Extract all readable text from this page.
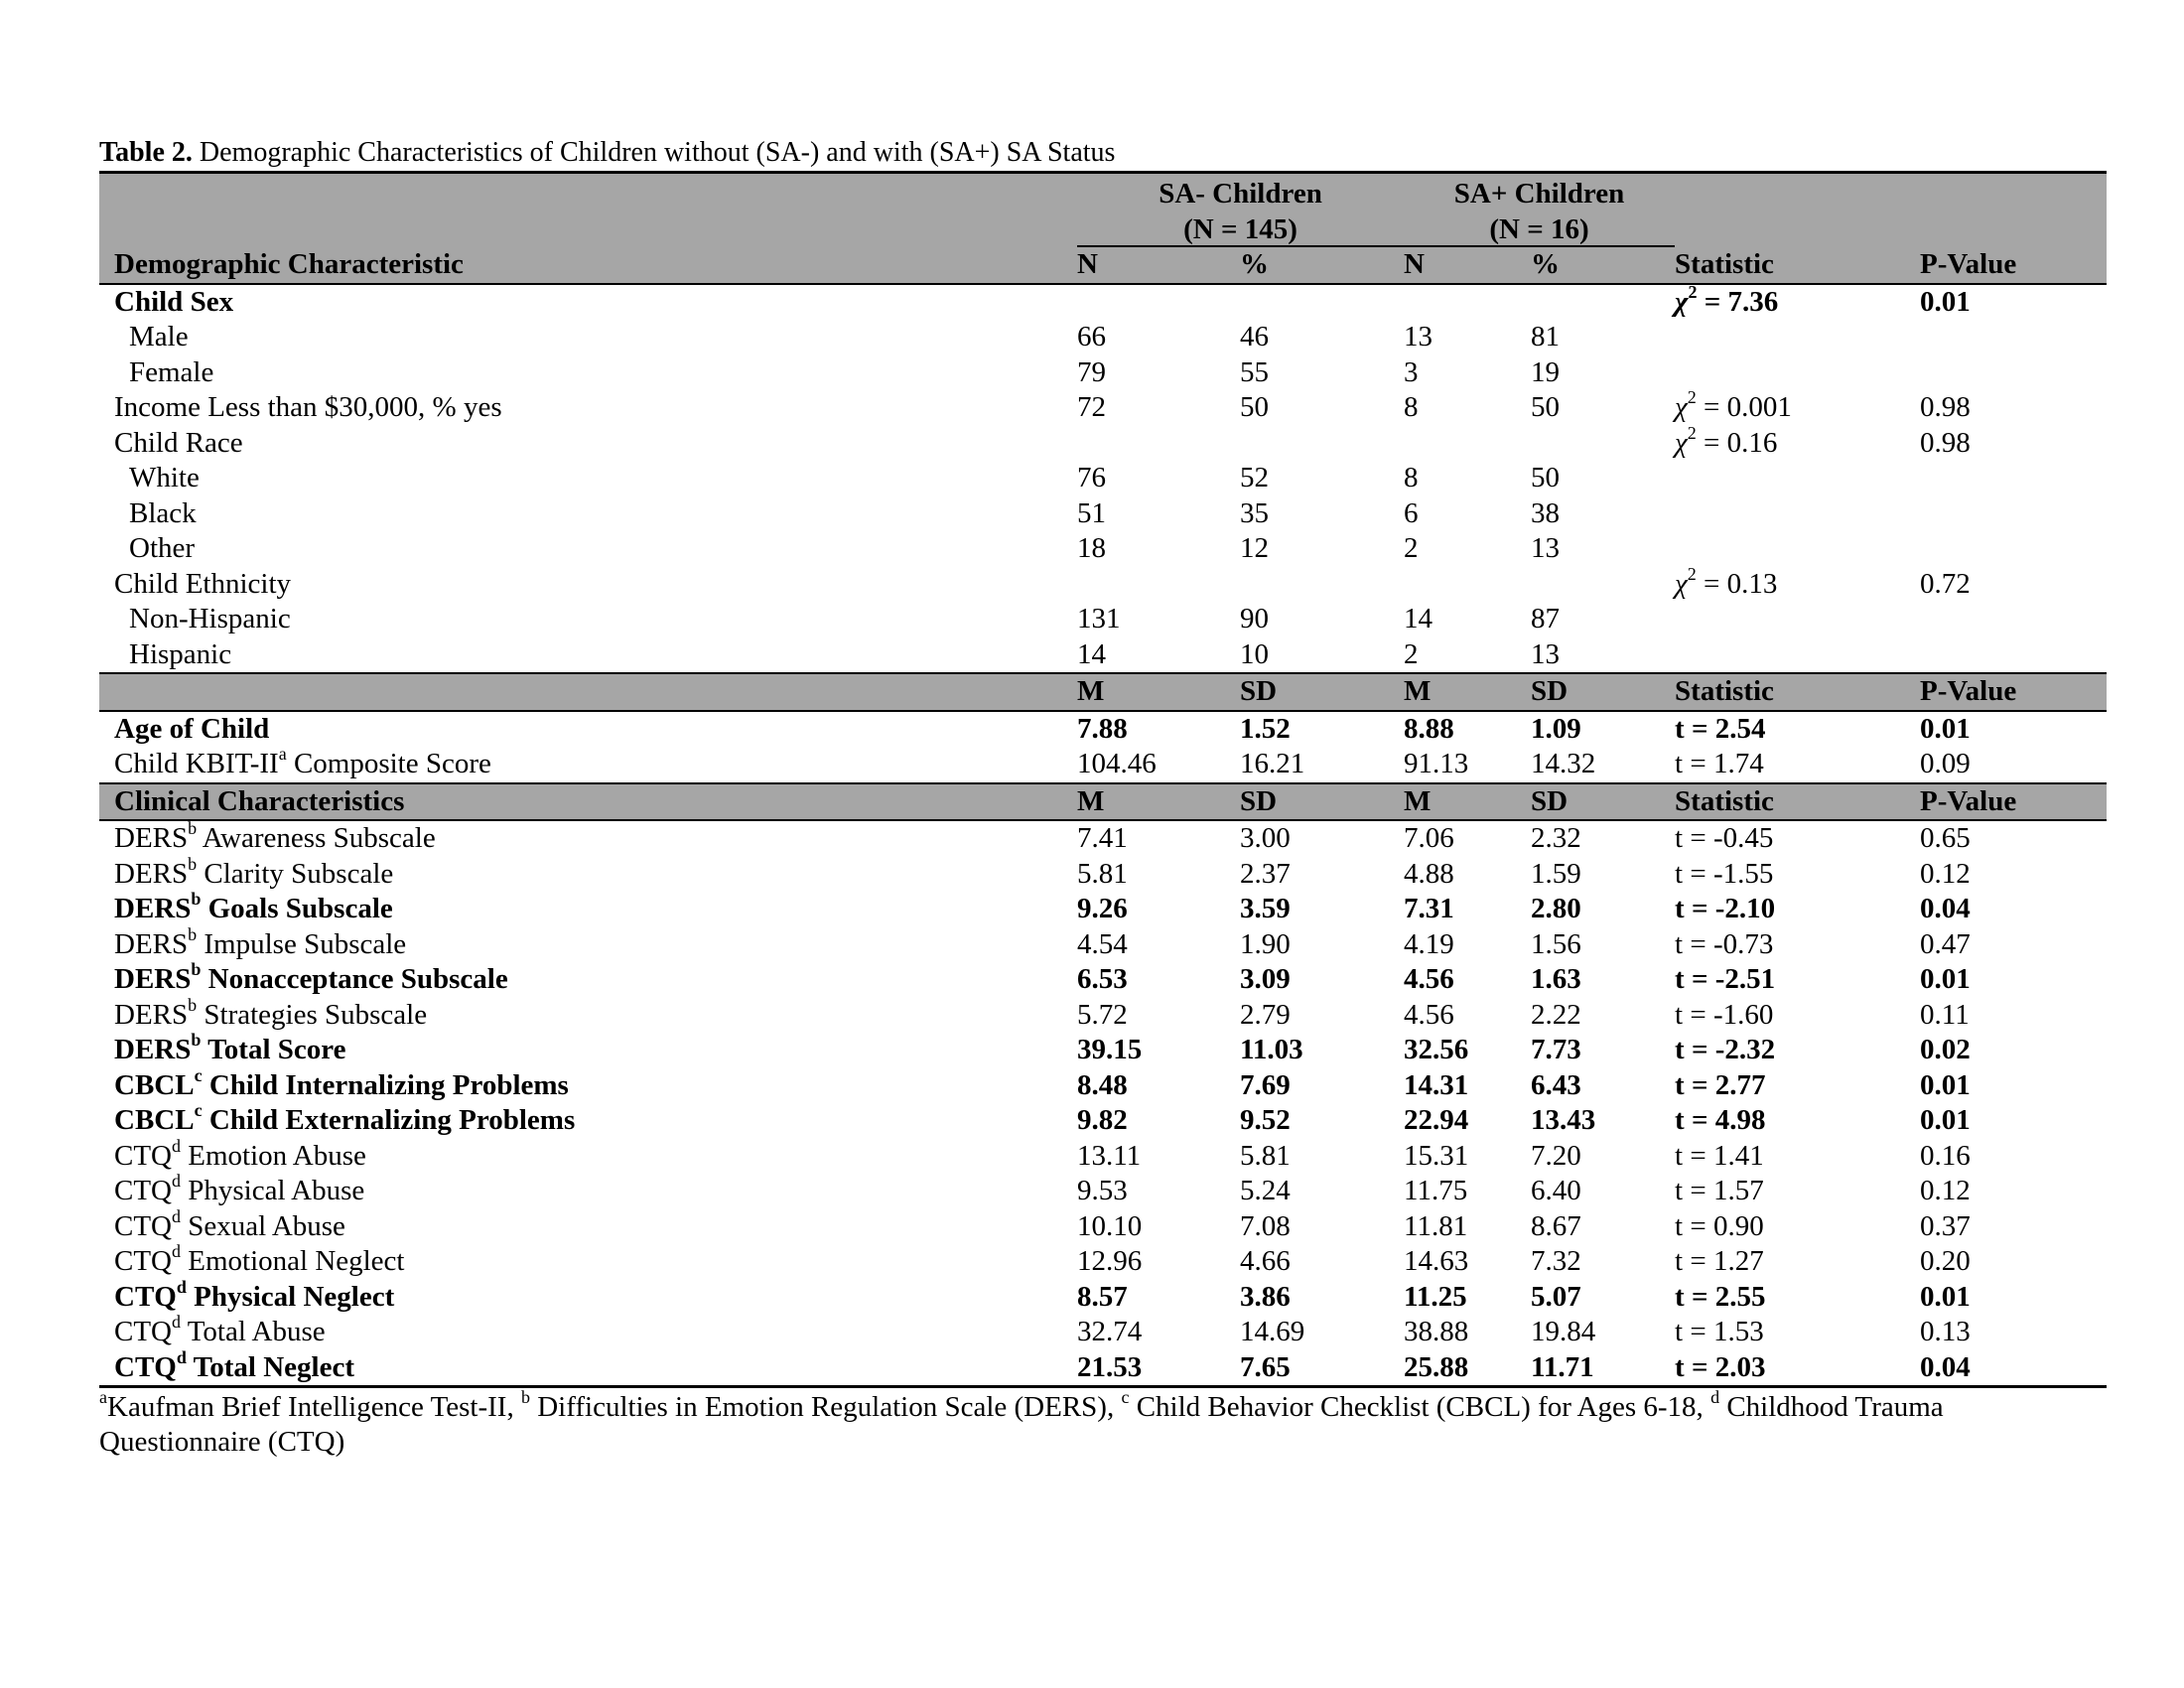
Table 2. Demographic Characteristics of Children without (SA-) and with (SA+) SA Status
	SA- Children		SA+ Children			
	(N = 145)		(N = 16)			
Demographic Characteristic	N	%	N	%	Statistic	P-Value
Child Sex					$\chi^2 = 7.36$	0.01
Male	66	46	13	81		
Female	79	55	3	19		
Income Less than $30,000, % yes	72	50	8	50	$\chi^2 = 0.001$	0.98
Child Race					$\chi^2 = 0.16$	0.98
White	76	52	8	50		
Black	51	35	6	38		
Other	18	12	2	13		
Child Ethnicity					$\chi^2 = 0.13$	0.72
Non-Hispanic	131	90	14	87		
Hispanic	14	10	2	13		
	M	SD	M	SD	Statistic	P-Value
Age of Child	7.88	1.52	8.88	1.09	t = 2.54	0.01
Child KBIT-$II^a$ Composite Score	104.46	16.21	91.13	14.32	t = 1.74	0.09
Clinical Characteristics	M	SD	M	SD	Statistic	P-Value
DERS$^b$ Awareness Subscale	7.41	3.00	7.06	2.32	t = -0.45	0.65
DERS$^b$ Clarity Subscale	5.81	2.37	4.88	1.59	t = -1.55	0.12
DERS$^b$ Goals Subscale	9.26	3.59	7.31	2.80	t = -2.10	0.04
DERS$^b$ Impulse Subscale	4.54	1.90	4.19	1.56	t = -0.73	0.47
DERS$^b$ Nonacceptance Subscale	6.53	3.09	4.56	1.63	t = -2.51	0.01
DERS$^b$ Strategies Subscale	5.72	2.79	4.56	2.22	t = -1.60	0.11
DERS$^b$ Total Score	39.15	11.03	32.56	7.73	t = -2.32	0.02
CBCL$^c$ Child Internalizing Problems	8.48	7.69	14.31	6.43	t = 2.77	0.01
CBCL$^c$ Child Externalizing Problems	9.82	9.52	22.94	13.43	t = 4.98	0.01
CTQ$^d$ Emotion Abuse	13.11	5.81	15.31	7.20	t = 1.41	0.16
CTQ$^d$ Physical Abuse	9.53	5.24	11.75	6.40	t = 1.57	0.12
CTQ$^d$ Sexual Abuse	10.10	7.08	11.81	8.67	t = 0.90	0.37
CTQ$^d$ Emotional Neglect	12.96	4.66	14.63	7.32	t = 1.27	0.20
CTQ$^d$ Physical Neglect	8.57	3.86	11.25	5.07	t = 2.55	0.01
CTQ$^d$ Total Abuse	32.74	14.69	38.88	19.84	t = 1.53	0.13
CTQ$^d$ Total Neglect	21.53	7.65	25.88	11.71	t = 2.03	0.04
$^a$Kaufman Brief Intelligence Test-II, $^b$ Difficulties in Emotion Regulation Scale (DERS), $^c$ Child Behavior Checklist (CBCL) for Ages 6-18, $^d$ Childhood Trauma Questionnaire (CTQ)
